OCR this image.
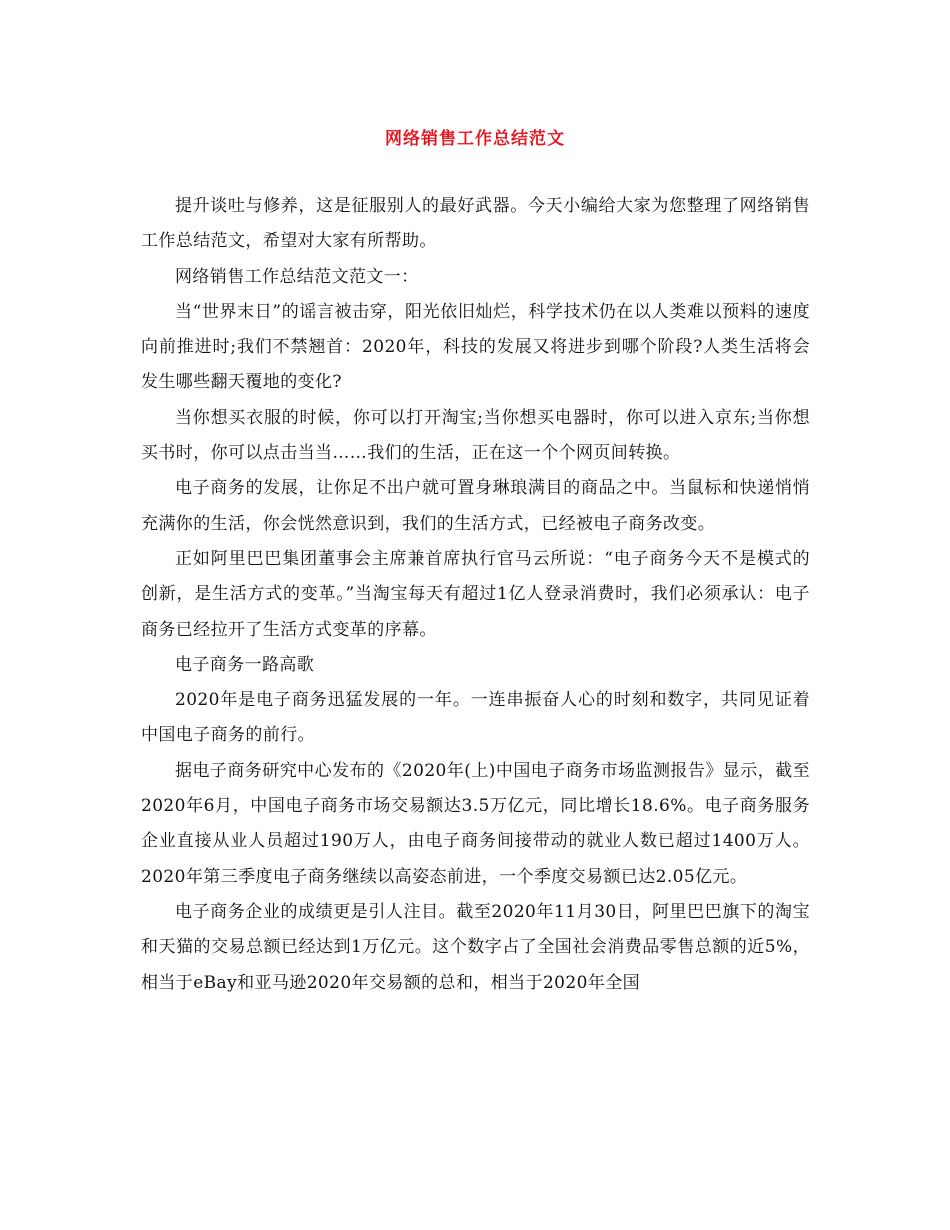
网络销售工作总结范文

提升谈吐与修养，这是征服别人的最好武器。今天小编给大家为您整理了网络销售工作总结范文，希望对大家有所帮助。

网络销售工作总结范文范文一：

当“世界末日”的谣言被击穿，阳光依旧灿烂，科学技术仍在以人类难以预料的速度向前推进时;我们不禁翘首：2020年，科技的发展又将进步到哪个阶段?人类生活将会发生哪些翻天覆地的变化?

当你想买衣服的时候，你可以打开淘宝;当你想买电器时，你可以进入京东;当你想买书时，你可以点击当当……我们的生活，正在这一个个网页间转换。

电子商务的发展，让你足不出户就可置身琳琅满目的商品之中。当鼠标和快递悄悄充满你的生活，你会恍然意识到，我们的生活方式，已经被电子商务改变。

正如阿里巴巴集团董事会主席兼首席执行官马云所说：“电子商务今天不是模式的创新，是生活方式的变革。”当淘宝每天有超过1亿人登录消费时，我们必须承认：电子商务已经拉开了生活方式变革的序幕。

电子商务一路高歌

2020年是电子商务迅猛发展的一年。一连串振奋人心的时刻和数字，共同见证着中国电子商务的前行。

据电子商务研究中心发布的《2020年(上)中国电子商务市场监测报告》显示，截至2020年6月，中国电子商务市场交易额达3.5万亿元，同比增长18.6%。电子商务服务企业直接从业人员超过190万人，由电子商务间接带动的就业人数已超过1400万人。2020年第三季度电子商务继续以高姿态前进，一个季度交易额已达2.05亿元。

电子商务企业的成绩更是引人注目。截至2020年11月30日，阿里巴巴旗下的淘宝和天猫的交易总额已经达到1万亿元。这个数字占了全国社会消费品零售总额的近5%，相当于eBay和亚马逊2020年交易额的总和，相当于2020年全国
